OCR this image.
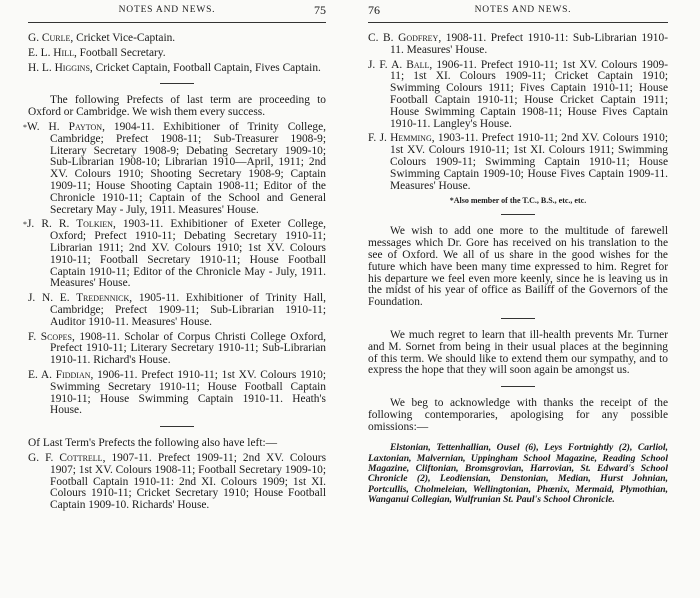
NOTES AND NEWS.	75
G. Curle, Cricket Vice-Captain.
E. L. Hill, Football Secretary.
H. L. Higgins, Cricket Captain, Football Captain, Fives Captain.

The following Prefects of last term are proceeding to Oxford or Cambridge. We wish them every success.

*W. H. Payton, 1904-11. Exhibitioner of Trinity College, Cambridge; Prefect 1908-11; Sub-Treasurer 1908-9; Literary Secretary 1908-9; Debating Secretary 1909-10; Sub-Librarian 1908-10; Librarian 1910—April, 1911; 2nd XV. Colours 1910; Shooting Secretary 1908-9; Captain 1909-11; House Shooting Captain 1908-11; Editor of the Chronicle 1910-11; Captain of the School and General Secretary May - July, 1911. Measures' House.
*J. R. R. Tolkien, 1903-11. Exhibitioner of Exeter College, Oxford; Prefect 1910-11; Debating Secretary 1910-11; Librarian 1911; 2nd XV. Colours 1910; 1st XV. Colours 1910-11; Football Secretary 1910-11; House Football Captain 1910-11; Editor of the Chronicle May - July, 1911. Measures' House.
J. N. E. Tredennick, 1905-11. Exhibitioner of Trinity Hall, Cambridge; Prefect 1909-11; Sub-Librarian 1910-11; Auditor 1910-11. Measures' House.
F. Scopes, 1908-11. Scholar of Corpus Christi College Oxford, Prefect 1910-11; Literary Secretary 1910-11; Sub-Librarian 1910-11. Richard's House.
E. A. Fiddian, 1906-11. Prefect 1910-11; 1st XV. Colours 1910; Swimming Secretary 1910-11; House Football Captain 1910-11; House Swimming Captain 1910-11. Heath's House.

Of Last Term's Prefects the following also have left:—

G. F. Cottrell, 1907-11. Prefect 1909-11; 2nd XV. Colours 1907; 1st XV. Colours 1908-11; Football Secretary 1909-10; Football Captain 1910-11: 2nd XI. Colours 1909; 1st XI. Colours 1910-11; Cricket Secretary 1910; House Football Captain 1909-10. Richards' House.
76	NOTES AND NEWS.
C. B. Godfrey, 1908-11. Prefect 1910-11: Sub-Librarian 1910-11. Measures' House.
J. F. A. Ball, 1906-11. Prefect 1910-11; 1st XV. Colours 1909-11; 1st XI. Colours 1909-11; Cricket Captain 1910; Swimming Colours 1911; Fives Captain 1910-11; House Football Captain 1910-11; House Cricket Captain 1911; House Swimming Captain 1908-11; House Fives Captain 1910-11. Langley's House.
F. J. Hemming, 1903-11. Prefect 1910-11; 2nd XV. Colours 1910; 1st XV. Colours 1910-11; 1st XI. Colours 1911; Swimming Colours 1909-11; Swimming Captain 1910-11; House Swimming Captain 1909-10; House Fives Captain 1909-11. Measures' House.
*Also member of the T.C., B.S., etc., etc.

We wish to add one more to the multitude of farewell messages which Dr. Gore has received on his translation to the see of Oxford. We all of us share in the good wishes for the future which have been many time expressed to him. Regret for his departure we feel even more keenly, since he is leaving us in the midst of his year of office as Bailiff of the Governors of the Foundation.

We much regret to learn that ill-health prevents Mr. Turner and M. Sornet from being in their usual places at the beginning of this term. We should like to extend them our sympathy, and to express the hope that they will soon again be amongst us.

We beg to acknowledge with thanks the receipt of the following contemporaries, apologising for any possible omissions:—

Elstonian, Tettenhallian, Ousel (6), Leys Fortnightly (2), Carliol, Laxtonian, Malvernian, Uppingham School Magazine, Reading School Magazine, Cliftonian, Bromsgrovian, Harrovian, St. Edward's School Chronicle (2), Leodiensian, Denstonian, Median, Hurst Johnian, Portcullis, Cholmeleian, Wellingtonian, Phœnix, Mermaid, Plymothian, Wanganui Collegian, Wulfrunian St. Paul's School Chronicle.
